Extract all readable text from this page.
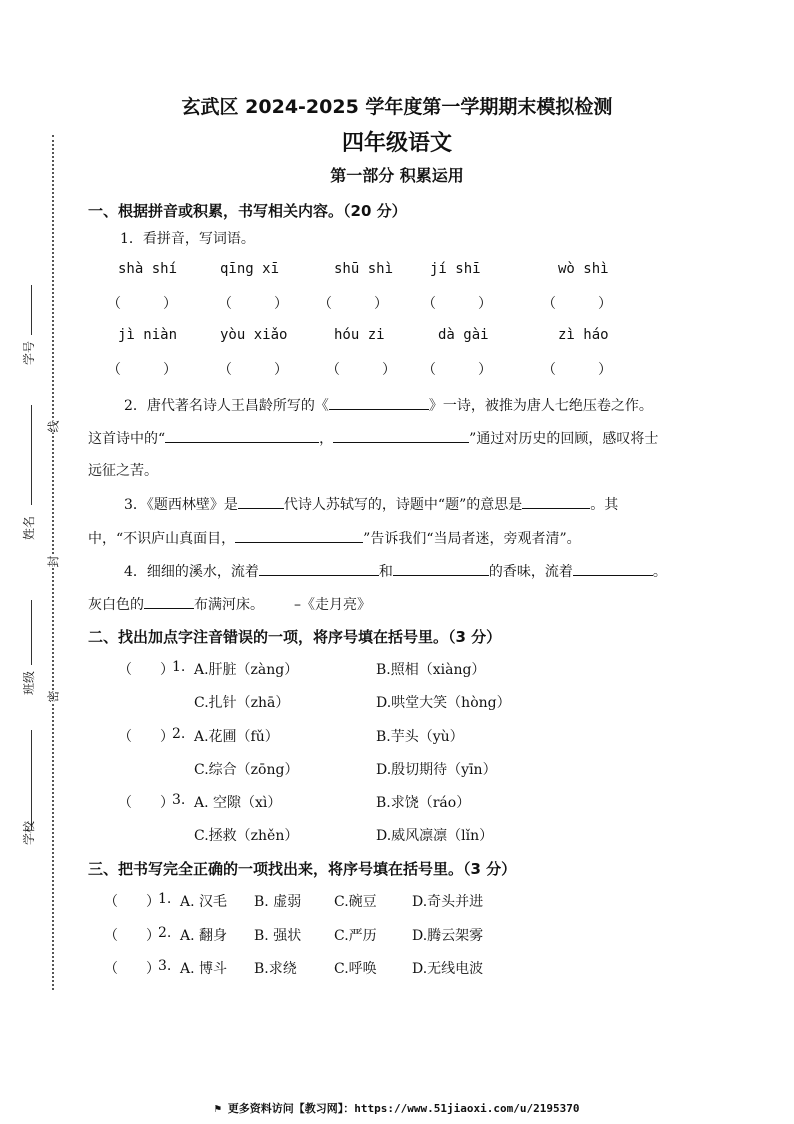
学号
姓名
班级
学校
线
封
密
玄武区 2024-2025 学年度第一学期期末模拟检测
四年级语文
第一部分 积累运用
一、根据拼音或积累，书写相关内容。（20 分）
1．看拼音，写词语。
shà shí	qīng xī	shū shì	jí shī	wò shì
（　　　）	（　　　） （　　　） （　　　）	（　　　）
jì niàn	yòu xiǎo	hóu zi	dà gài	zì háo
（　　　）	（　　　）	（　　　） （　　　）	（　　　）
2．唐代著名诗人王昌龄所写的《	》一诗，被推为唐人七绝压卷之作。
这首诗中的“	，	”通过对历史的回顾，感叹将士
远征之苦。
3．《题西林壁》是	代诗人苏轼写的，诗题中“题”的意思是	。其
中，“不识庐山真面目，	”告诉我们“当局者迷，旁观者清”。
4．细细的溪水，流着	和	的香味，流着	。
灰白色的	布满河床。 –《走月亮》
二、找出加点字注音错误的一项，将序号填在括号里。（3 分）
（　　）
1. A.肝脏（zàng）	B.照相（xiàng）
C.扎针（zhā）	D.哄堂大笑（hòng）
（　　）
2. A.花圃（fǔ）	B.芋头（yù）
C.综合（zōng）	D.殷切期待（yīn）
（　　）
3. A. 空隙（xì）	B.求饶（ráo）
C.拯救（zhěn）	D.威风凛凛（lǐn）
三、把书写完全正确的一项找出来，将序号填在括号里。（3 分）
（　　）
1. A. 汉毛 B. 虚弱 C.碗豆	D.奇头并进
（　　）
2. A. 翻身 B. 强状 C.严历	D.腾云架雾
（　　）
3. A. 博斗 B.求绕	C.呼唤	D.无线电波
⚑ 更多资料访问【教习网】：https://www.51jiaoxi.com/u/2195370
